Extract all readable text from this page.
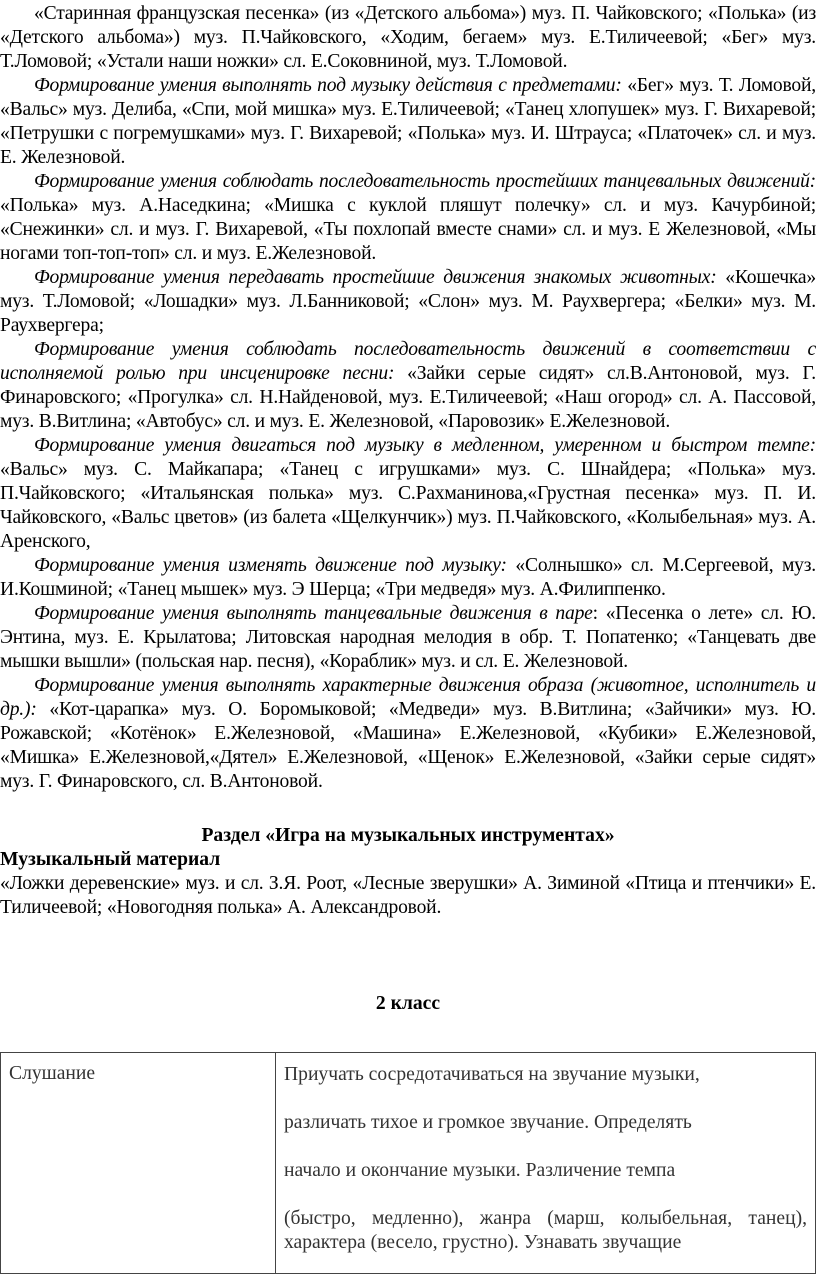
«Старинная французская песенка» (из «Детского альбома») муз. П. Чайковского; «Полька» (из «Детского альбома») муз. П.Чайковского, «Ходим, бегаем» муз. Е.Тиличеевой; «Бег» муз. Т.Ломовой; «Устали наши ножки» сл. Е.Соковниной, муз. Т.Ломовой.

Формирование умения выполнять под музыку действия с предметами: «Бег» муз. Т. Ломовой, «Вальс» муз. Делиба, «Спи, мой мишка» муз. Е.Тиличеевой; «Танец хлопушек» муз. Г. Вихаревой; «Петрушки с погремушками» муз. Г. Вихаревой; «Полька» муз. И. Штрауса; «Платочек» сл. и муз. Е. Железновой.

Формирование умения соблюдать последовательность простейших танцевальных движений: «Полька» муз. А.Наседкина; «Мишка с куклой пляшут полечку» сл. и муз. Качурбиной; «Снежинки» сл. и муз. Г. Вихаревой, «Ты похлопай вместе снами» сл. и муз. Е Железновой, «Мы ногами топ-топ-топ» сл. и муз. Е.Железновой.

Формирование умения передавать простейшие движения знакомых животных: «Кошечка» муз. Т.Ломовой; «Лошадки» муз. Л.Банниковой; «Слон» муз. М. Раухвергера; «Белки» муз. М. Раухвергера;

Формирование умения соблюдать последовательность движений в соответствии с исполняемой ролью при инсценировке песни: «Зайки серые сидят» сл.В.Антоновой, муз. Г. Финаровского; «Прогулка» сл. Н.Найденовой, муз. Е.Тиличеевой; «Наш огород» сл. А. Пассовой, муз. В.Витлина; «Автобус» сл. и муз. Е. Железновой, «Паровозик» Е.Железновой.

Формирование умения двигаться под музыку в медленном, умеренном и быстром темпе: «Вальс» муз. С. Майкапара; «Танец с игрушками» муз. С. Шнайдера; «Полька» муз. П.Чайковского; «Итальянская полька» муз. С.Рахманинова,«Грустная песенка» муз. П. И. Чайковского, «Вальс цветов» (из балета «Щелкунчик») муз. П.Чайковского, «Колыбельная» муз. А. Аренского,

Формирование умения изменять движение под музыку: «Солнышко» сл. М.Сергеевой, муз. И.Кошминой; «Танец мышек» муз. Э Шерца; «Три медведя» муз. А.Филиппенко.

Формирование умения выполнять танцевальные движения в паре: «Песенка о лете» сл. Ю. Энтина, муз. Е. Крылатова; Литовская народная мелодия в обр. Т. Попатенко; «Танцевать две мышки вышли» (польская нар. песня), «Кораблик» муз. и сл. Е. Железновой.

Формирование умения выполнять характерные движения образа (животное, исполнитель и др.): «Кот-царапка» муз. О. Боромыковой; «Медведи» муз. В.Витлина; «Зайчики» муз. Ю. Рожавской; «Котёнок» Е.Железновой, «Машина» Е.Железновой, «Кубики» Е.Железновой, «Мишка» Е.Железновой,«Дятел» Е.Железновой, «Щенок» Е.Железновой, «Зайки серые сидят» муз. Г. Финаровского, сл. В.Антоновой.

Раздел «Игра на музыкальных инструментах»

Музыкальный материал

«Ложки деревенские» муз. и сл. З.Я. Роот, «Лесные зверушки» А. Зиминой «Птица и птенчики» Е. Тиличеевой; «Новогодняя полька» А. Александровой.

2 класс

Слушание	Приучать сосредотачиваться на звучание музыки,

различать тихое и громкое звучание. Определять

начало и окончание музыки. Различение темпа

(быстро, медленно), жанра (марш, колыбельная, танец), характера (весело, грустно). Узнавать звучащие
